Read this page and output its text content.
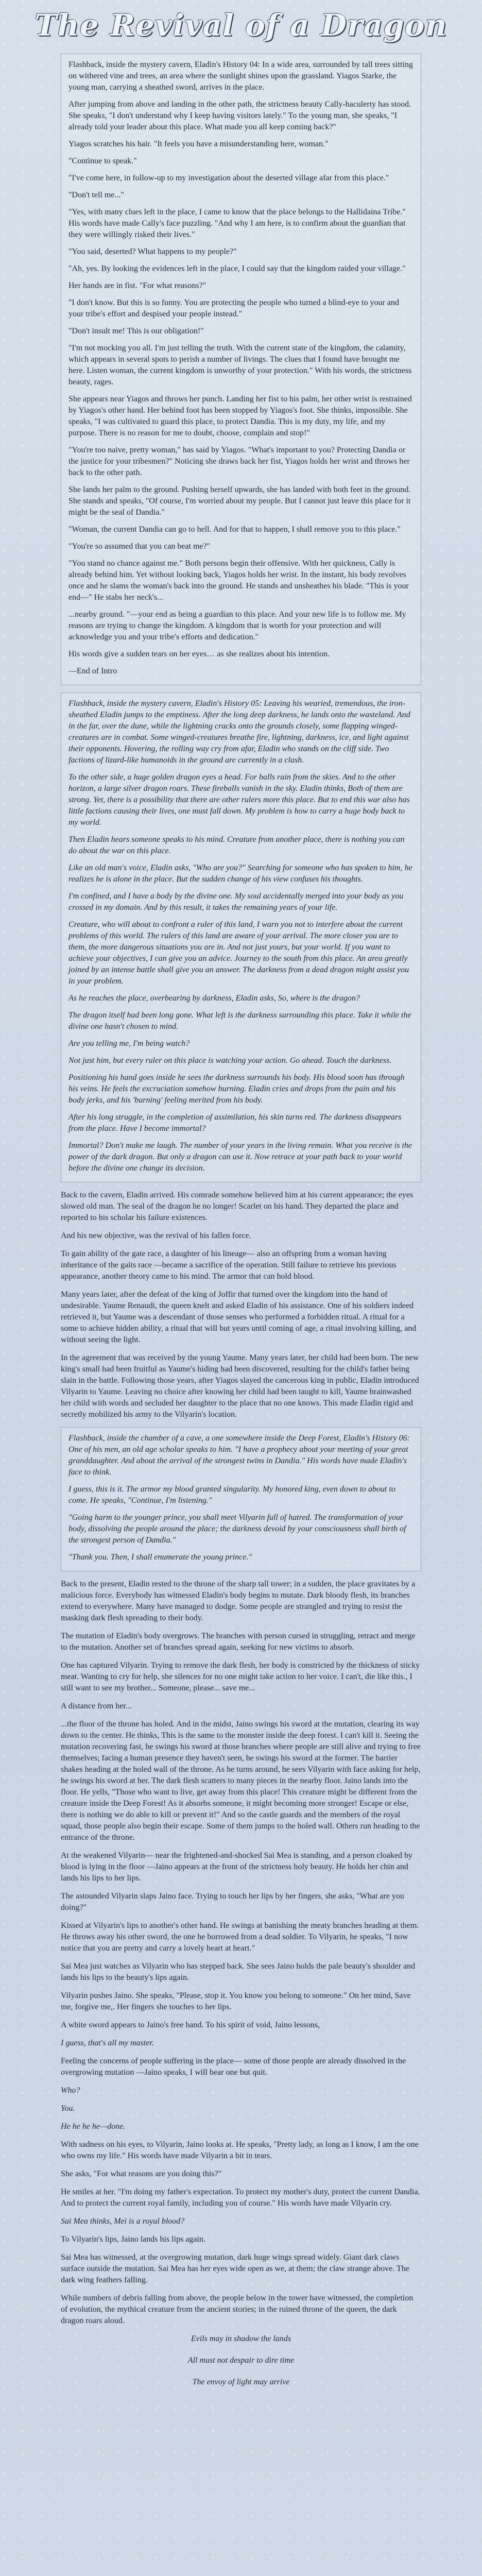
The Revival of a Dragon

Flashback, inside the mystery cavern, Eladin's History 04: In a wide area, surrounded by tall trees sitting on withered vine and trees, an area where the sunlight shines upon the grassland. Yiagos Starke, the young man, carrying a sheathed sword, arrives in the place.

After jumping from above and landing in the other path, the strictness beauty Cally-haculerty has stood. She speaks, "I don't understand why I keep having visitors lately." To the young man, she speaks, "I already told your leader about this place. What made you all keep coming back?"

Yiagos scratches his hair. "It feels you have a misunderstanding here, woman."

"Continue to speak."

"I've come here, in follow-up to my investigation about the deserted village afar from this place."

"Don't tell me..."

"Yes, with many clues left in the place, I came to know that the place belongs to the Hallidaina Tribe." His words have made Cally's face puzzling. "And why I am here, is to confirm about the guardian that they were willingly risked their lives."

"You said, deserted? What happens to my people?"

"Ah, yes. By looking the evidences left in the place, I could say that the kingdom raided your village."

Her hands are in fist. "For what reasons?"

"I don't know. But this is so funny. You are protecting the people who turned a blind-eye to your and your tribe's effort and despised your people instead."

"Don't insult me! This is our obligation!"

"I'm not mocking you all. I'm just telling the truth. With the current state of the kingdom, the calamity, which appears in several spots to perish a number of livings. The clues that I found have brought me here. Listen woman, the current kingdom is unworthy of your protection." With his words, the strictness beauty, rages.

She appears near Yiagos and throws her punch. Landing her fist to his palm, her other wrist is restrained by Yiagos's other hand. Her behind foot has been stopped by Yiagos's foot. She thinks, impossible. She speaks, "I was cultivated to guard this place, to protect Dandia. This is my duty, my life, and my purpose. There is no reason for me to doubt, choose, complain and stop!"

"You're too naive, pretty woman," has said by Yiagos. "What's important to you? Protecting Dandia or the justice for your tribesmen?" Noticing she draws back her fist, Yiagos holds her wrist and throws her back to the other path.

She lands her palm to the ground. Pushing herself upwards, she has landed with both feet in the ground. She stands and speaks, "Of course, I'm worried about my people. But I cannot just leave this place for it might be the seal of Dandia."

"Woman, the current Dandia can go to hell. And for that to happen, I shall remove you to this place."

"You're so assumed that you can beat me?"

"You stand no chance against me." Both persons begin their offensive. With her quickness, Cally is already behind him. Yet without looking back, Yiagos holds her wrist. In the instant, his body revolves once and he slams the woman's back into the ground. He stands and unsheathes his blade. "This is your end—" He stabs her neck's...

...nearby ground. "—your end as being a guardian to this place. And your new life is to follow me. My reasons are trying to change the kingdom. A kingdom that is worth for your protection and will acknowledge you and your tribe's efforts and dedication."

His words give a sudden tears on her eyes… as she realizes about his intention.

—End of Intro

Flashback, inside the mystery cavern, Eladin's History 05: Leaving his wearied, tremendous, the iron-sheathed Eladin jumps to the emptiness. After the long deep darkness, he lands onto the wasteland. And in the far, over the dune, while the lightning cracks onto the grounds closely, some flapping winged-creatures are in combat. Some winged-creatures breathe fire, lightning, darkness, ice, and light against their opponents. Hovering, the rolling way cry from afar, Eladin who stands on the cliff side. Two factions of lizard-like humanoids in the ground are currently in a clash.

To the other side, a huge golden dragon eyes a head. For balls rain from the skies. And to the other horizon, a large silver dragon roars. These fireballs vanish in the sky. Eladin thinks, Both of them are strong. Yet, there is a possibility that there are other rulers more this place. But to end this war also has little factions causing their lives, one must fall down. My problem is how to carry a huge body back to my world.

Then Eladin hears someone speaks to his mind. Creature from another place, there is nothing you can do about the war on this place.

Like an old man's voice, Eladin asks, "Who are you?" Searching for someone who has spoken to him, he realizes he is alone in the place. But the sudden change of his view confuses his thoughts.

I'm confined, and I have a body by the divine one. My soul accidentally merged into your body as you crossed in my domain. And by this result, it takes the remaining years of your life.

Creature, who will about to confront a ruler of this land, I warn you not to interfere about the current problems of this world. The rulers of this land are aware of your arrival. The more closer you are to them, the more dangerous situations you are in. And not just yours, but your world. If you want to achieve your objectives, I can give you an advice. Journey to the south from this place. An area greatly joined by an intense battle shall give you an answer. The darkness from a dead dragon might assist you in your problem.

As he reaches the place, overbearing by darkness, Eladin asks, So, where is the dragon?

The dragon itself had been long gone. What left is the darkness surrounding this place. Take it while the divine one hasn't chosen to mind.

Are you telling me, I'm being watch?

Not just him, but every ruler on this place is watching your action. Go ahead. Touch the darkness.

Positioning his hand goes inside he sees the darkness surrounds his body. His blood soon has through his veins. He feels the excruciation somehow burning. Eladin cries and drops from the pain and his body jerks, and his 'burning' feeling merited from his body.

After his long struggle, in the completion of assimilation, his skin turns red. The darkness disappears from the place. Have I become immortal?

Immortal? Don't make me laugh. The number of your years in the living remain. What you receive is the power of the dark dragon. But only a dragon can use it. Now retrace at your path back to your world before the divine one change its decision.

Back to the cavern, Eladin arrived. His comrade somehow believed him at his current appearance; the eyes slowed old man. The seal of the dragon he no longer! Scarlet on his hand. They departed the place and reported to his scholar his failure existences.

And his new objective, was the revival of his fallen force.

To gain ability of the gate race, a daughter of his lineage— also an offspring from a woman having inheritance of the gaits race —became a sacrifice of the operation. Still failure to retrieve his previous appearance, another theory came to his mind. The armor that can hold blood.

Many years later, after the defeat of the king of Joffir that turned over the kingdom into the hand of undesirable. Yaume Renaudi, the queen knelt and asked Eladin of his assistance. One of his soldiers indeed retrieved it, but Yaume was a descendant of those senses who performed a forbidden ritual. A ritual for a some to achieve hidden ability, a ritual that will but years until coming of age, a ritual involving killing, and without seeing the light.

In the agreement that was received by the young Yaume. Many years later, her child had been born. The new king's small had been fruitful as Yaume's hiding had been discovered, resulting for the child's father being slain in the battle. Following those years, after Yiagos slayed the cancerous king in public, Eladin introduced Vilyarin to Yaume. Leaving no choice after knowing her child had been taught to kill, Yaume brainwashed her child with words and secluded her daughter to the place that no one knows. This made Eladin rigid and secretly mobilized his army to the Vilyarin's location.

Flashback, inside the chamber of a cave, a one somewhere inside the Deep Forest, Eladin's History 06: One of his men, an old age scholar speaks to him. "I have a prophecy about your meeting of your great granddaughter. And about the arrival of the strongest twins in Dandia." His words have made Eladin's face to think.

I guess, this is it. The armor my blood granted singularity. My honored king, even down to about to come. He speaks, "Continue, I'm listening."

"Going harm to the younger prince, you shall meet Vilyarin full of hatred. The transformation of your body, dissolving the people around the place; the darkness devoid by your consciousness shall birth of the strongest person of Dandia."

"Thank you. Then, I shall enumerate the young prince."

Back to the present, Eladin rested to the throne of the sharp tall tower; in a sudden, the place gravitates by a malicious force. Everybody has witnessed Eladin's body begins to mutate. Dark bloody flesh, its branches extend to everywhere. Many have managed to dodge. Some people are strangled and trying to resist the masking dark flesh spreading to their body.

The mutation of Eladin's body overgrows. The branches with person cursed in struggling, retract and merge to the mutation. Another set of branches spread again, seeking for new victims to absorb.

One has captured Vilyarin. Trying to remove the dark flesh, her body is constricted by the thickness of sticky meat. Wanting to cry for help, she silences for no one might take action to her voice. I can't, die like this., I still want to see my brother... Someone, please... save me...

A distance from her...

...the floor of the throne has holed. And in the midst, Jaino swings his sword at the mutation, clearing its way down to the center. He thinks, This is the same to the monster inside the deep forest. I can't kill it. Seeing the mutation recovering fast, he swings his sword at those branches where people are still alive and trying to free themselves; facing a human presence they haven't seen, he swings his sword at the former. The barrier shakes heading at the holed wall of the throne. As he turns around, he sees Vilyarin with face asking for help, he swings his sword at her. The dark flesh scatters to many pieces in the nearby floor. Jaino lands into the floor. He yells, "Those who want to live, get away from this place! This creature might be different from the creature inside the Deep Forest! As it absorbs someone, it might becoming more stronger! Escape or else, there is nothing we do able to kill or prevent it!" And so the castle guards and the members of the royal squad, those people also begin their escape. Some of them jumps to the holed wall. Others run heading to the entrance of the throne.

At the weakened Vilyarin— near the frightened-and-shocked Sai Mea is standing, and a person cloaked by blood is lying in the floor —Jaino appears at the front of the strictness holy beauty. He holds her chin and lands his lips to her lips.

The astounded Vilyarin slaps Jaino face. Trying to touch her lips by her fingers, she asks, "What are you doing?"

Kissed at Vilyarin's lips to another's other hand. He swings at banishing the meaty branches heading at them. He throws away his other sword, the one he borrowed from a dead soldier. To Vilyarin, he speaks, "I now notice that you are pretty and carry a lovely heart at heart."

Sai Mea just watches as Vilyarin who has stepped back. She sees Jaino holds the pale beauty's shoulder and lands his lips to the beauty's lips again.

Vilyarin pushes Jaino. She speaks, "Please, stop it. You know you belong to someone." On her mind, Save me, forgive me,. Her fingers she touches to her lips.

A white sword appears to Jaino's free hand. To his spirit of void, Jaino lessons,

I guess, that's all my master.

Feeling the concerns of people suffering in the place— some of those people are already dissolved in the overgrowing mutation —Jaino speaks, I will bear one but quit.

Who?

You.

He he he he—done.

With sadness on his eyes, to Vilyarin, Jaino looks at. He speaks, "Pretty lady, as long as I know, I am the one who owns my life." His words have made Vilyarin a bit in tears.

She asks, "For what reasons are you doing this?"

He smiles at her. "I'm doing my father's expectation. To protect my mother's duty, protect the current Dandia. And to protect the current royal family, including you of course." His words have made Vilyarin cry.

Sai Mea thinks, Mei is a royal blood?

To Vilyarin's lips, Jaino lands his lips again.

Sai Mea has witnessed, at the overgrowing mutation, dark huge wings spread widely. Giant dark claws surface outside the mutation. Sai Mea has her eyes wide open as we, at them; the claw strange above. The dark wing feathers falling.

While numbers of debris falling from above, the people below in the tower have witnessed, the completion of evolution, the mythical creature from the ancient stories; in the ruined throne of the queen, the dark dragon roars aloud.

Evils may in shadow the lands

All must not despair to dire time

The envoy of light may arrive
